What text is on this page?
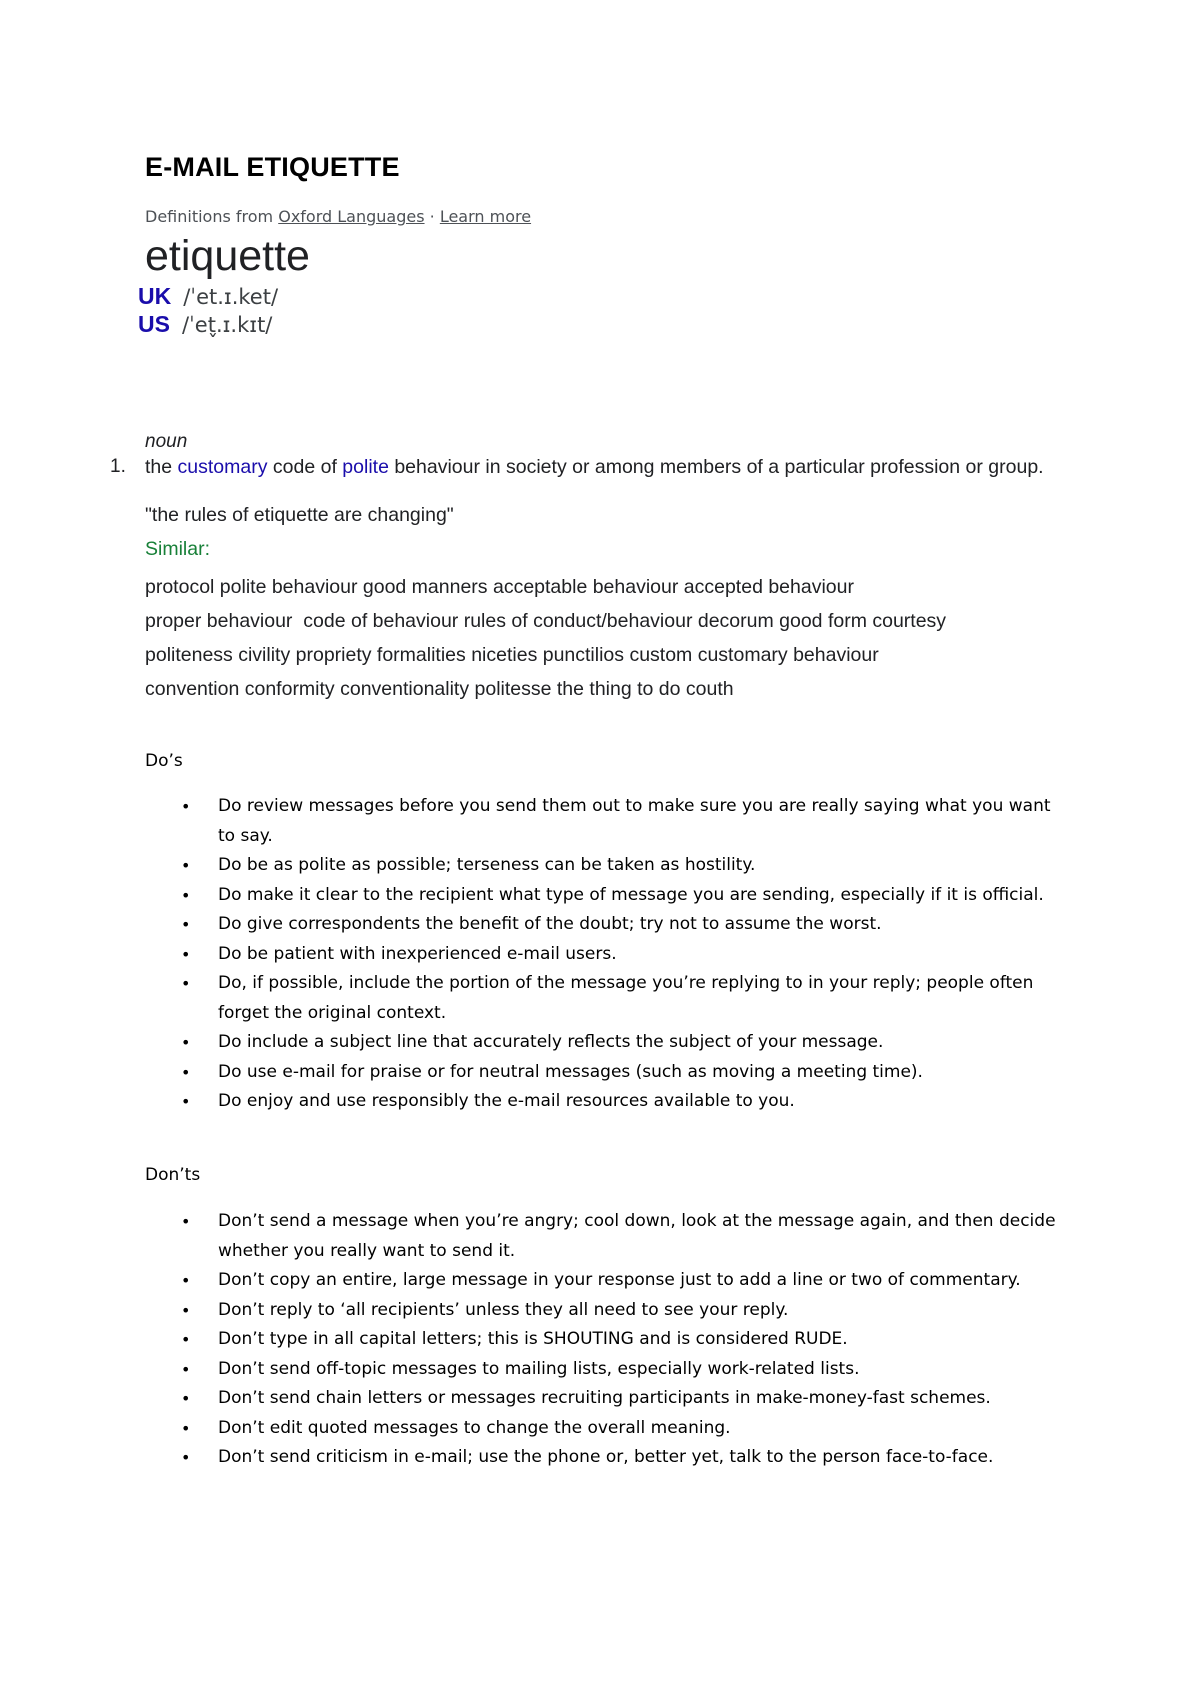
E-MAIL ETIQUETTE
Definitions from Oxford Languages · Learn more
etiquette
UK /ˈet.ɪ.ket/
US /ˈet̬.ɪ.kɪt/
noun
1. the customary code of polite behaviour in society or among members of a particular profession or group.
"the rules of etiquette are changing"
Similar:
protocol polite behaviour good manners acceptable behaviour accepted behaviour
proper behaviour  code of behaviour rules of conduct/behaviour decorum good form courtesy
politeness civility propriety formalities niceties punctilios custom customary behaviour
convention conformity conventionality politesse the thing to do couth
Do’s
• Do review messages before you send them out to make sure you are really saying what you want to say.
• Do be as polite as possible; terseness can be taken as hostility.
• Do make it clear to the recipient what type of message you are sending, especially if it is official.
• Do give correspondents the benefit of the doubt; try not to assume the worst.
• Do be patient with inexperienced e-mail users.
• Do, if possible, include the portion of the message you’re replying to in your reply; people often forget the original context.
• Do include a subject line that accurately reflects the subject of your message.
• Do use e-mail for praise or for neutral messages (such as moving a meeting time).
• Do enjoy and use responsibly the e-mail resources available to you.
Don’ts
• Don’t send a message when you’re angry; cool down, look at the message again, and then decide whether you really want to send it.
• Don’t copy an entire, large message in your response just to add a line or two of commentary.
• Don’t reply to ‘all recipients’ unless they all need to see your reply.
• Don’t type in all capital letters; this is SHOUTING and is considered RUDE.
• Don’t send off-topic messages to mailing lists, especially work-related lists.
• Don’t send chain letters or messages recruiting participants in make-money-fast schemes.
• Don’t edit quoted messages to change the overall meaning.
• Don’t send criticism in e-mail; use the phone or, better yet, talk to the person face-to-face.
